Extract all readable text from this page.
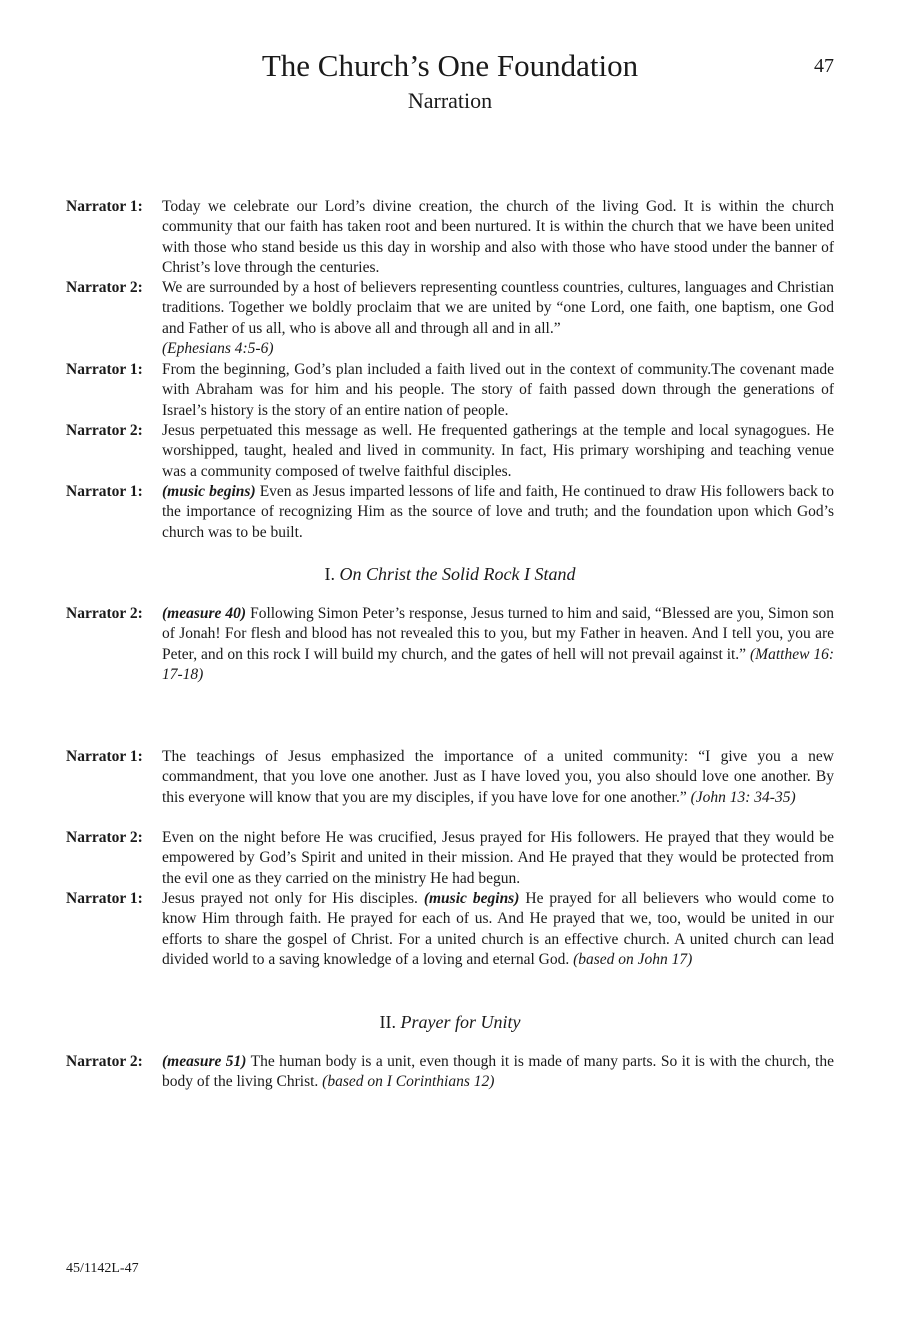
The Church’s One Foundation
Narration
47
Narrator 1:	Today we celebrate our Lord’s divine creation, the church of the living God. It is within the church community that our faith has taken root and been nurtured. It is within the church that we have been united with those who stand beside us this day in worship and also with those who have stood under the banner of Christ’s love through the centuries.
Narrator 2:	We are surrounded by a host of believers representing countless countries, cultures, languages and Christian traditions. Together we boldly proclaim that we are united by “one Lord, one faith, one baptism, one God and Father of us all, who is above all and through all and in all.”
(Ephesians 4:5-6)
Narrator 1:	From the beginning, God’s plan included a faith lived out in the context of community.The covenant made with Abraham was for him and his people. The story of faith passed down through the generations of Israel’s history is the story of an entire nation of people.
Narrator 2:	Jesus perpetuated this message as well. He frequented gatherings at the temple and local synagogues. He worshipped, taught, healed and lived in community. In fact, His primary worshiping and teaching venue was a community composed of twelve faithful disciples.
Narrator 1:	(music begins) Even as Jesus imparted lessons of life and faith, He continued to draw His followers back to the importance of recognizing Him as the source of love and truth; and the foundation upon which God’s church was to be built.
I. On Christ the Solid Rock I Stand
Narrator 2:	(measure 40) Following Simon Peter’s response, Jesus turned to him and said, “Blessed are you, Simon son of Jonah! For flesh and blood has not revealed this to you, but my Father in heaven. And I tell you, you are Peter, and on this rock I will build my church, and the gates of hell will not prevail against it.” (Matthew 16: 17-18)
Narrator 1:	The teachings of Jesus emphasized the importance of a united community: “I give you a new commandment, that you love one another. Just as I have loved you, you also should love one another. By this everyone will know that you are my disciples, if you have love for one another.” (John 13: 34-35)
Narrator 2:	Even on the night before He was crucified, Jesus prayed for His followers. He prayed that they would be empowered by God’s Spirit and united in their mission. And He prayed that they would be protected from the evil one as they carried on the ministry He had begun.
Narrator 1:	Jesus prayed not only for His disciples. (music begins) He prayed for all believers who would come to know Him through faith. He prayed for each of us. And He prayed that we, too, would be united in our efforts to share the gospel of Christ. For a united church is an effective church. A united church can lead divided world to a saving knowledge of a loving and eternal God. (based on John 17)
II. Prayer for Unity
Narrator 2:	(measure 51) The human body is a unit, even though it is made of many parts. So it is with the church, the body of the living Christ. (based on I Corinthians 12)
45/1142L-47
